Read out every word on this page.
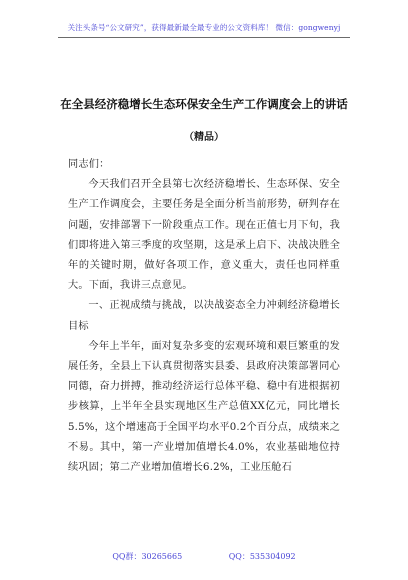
关注头条号“公文研究”，获得最新最全最专业的公文资料库！ 微信：gongwenyj
在全县经济稳增长生态环保安全生产工作调度会上的讲话
（精品）

同志们：

今天我们召开全县第七次经济稳增长、生态环保、安全生产工作调度会，主要任务是全面分析当前形势，研判存在问题，安排部署下一阶段重点工作。现在正值七月下旬，我们即将进入第三季度的攻坚期，这是承上启下、决战决胜全年的关键时期，做好各项工作，意义重大，责任也同样重大。下面，我讲三点意见。

一、正视成绩与挑战，以决战姿态全力冲刺经济稳增长目标

今年上半年，面对复杂多变的宏观环境和艰巨繁重的发展任务，全县上下认真贯彻落实县委、县政府决策部署同心同德，奋力拼搏，推动经济运行总体平稳、稳中有进根据初步核算，上半年全县实现地区生产总值XX亿元，同比增长5.5%，这个增速高于全国平均水平0.2个百分点，成绩来之不易。其中，第一产业增加值增长4.0%，农业基础地位持续巩固；第二产业增加值增长6.2%，工业压舱石

QQ群：30265665	QQ：535304092
